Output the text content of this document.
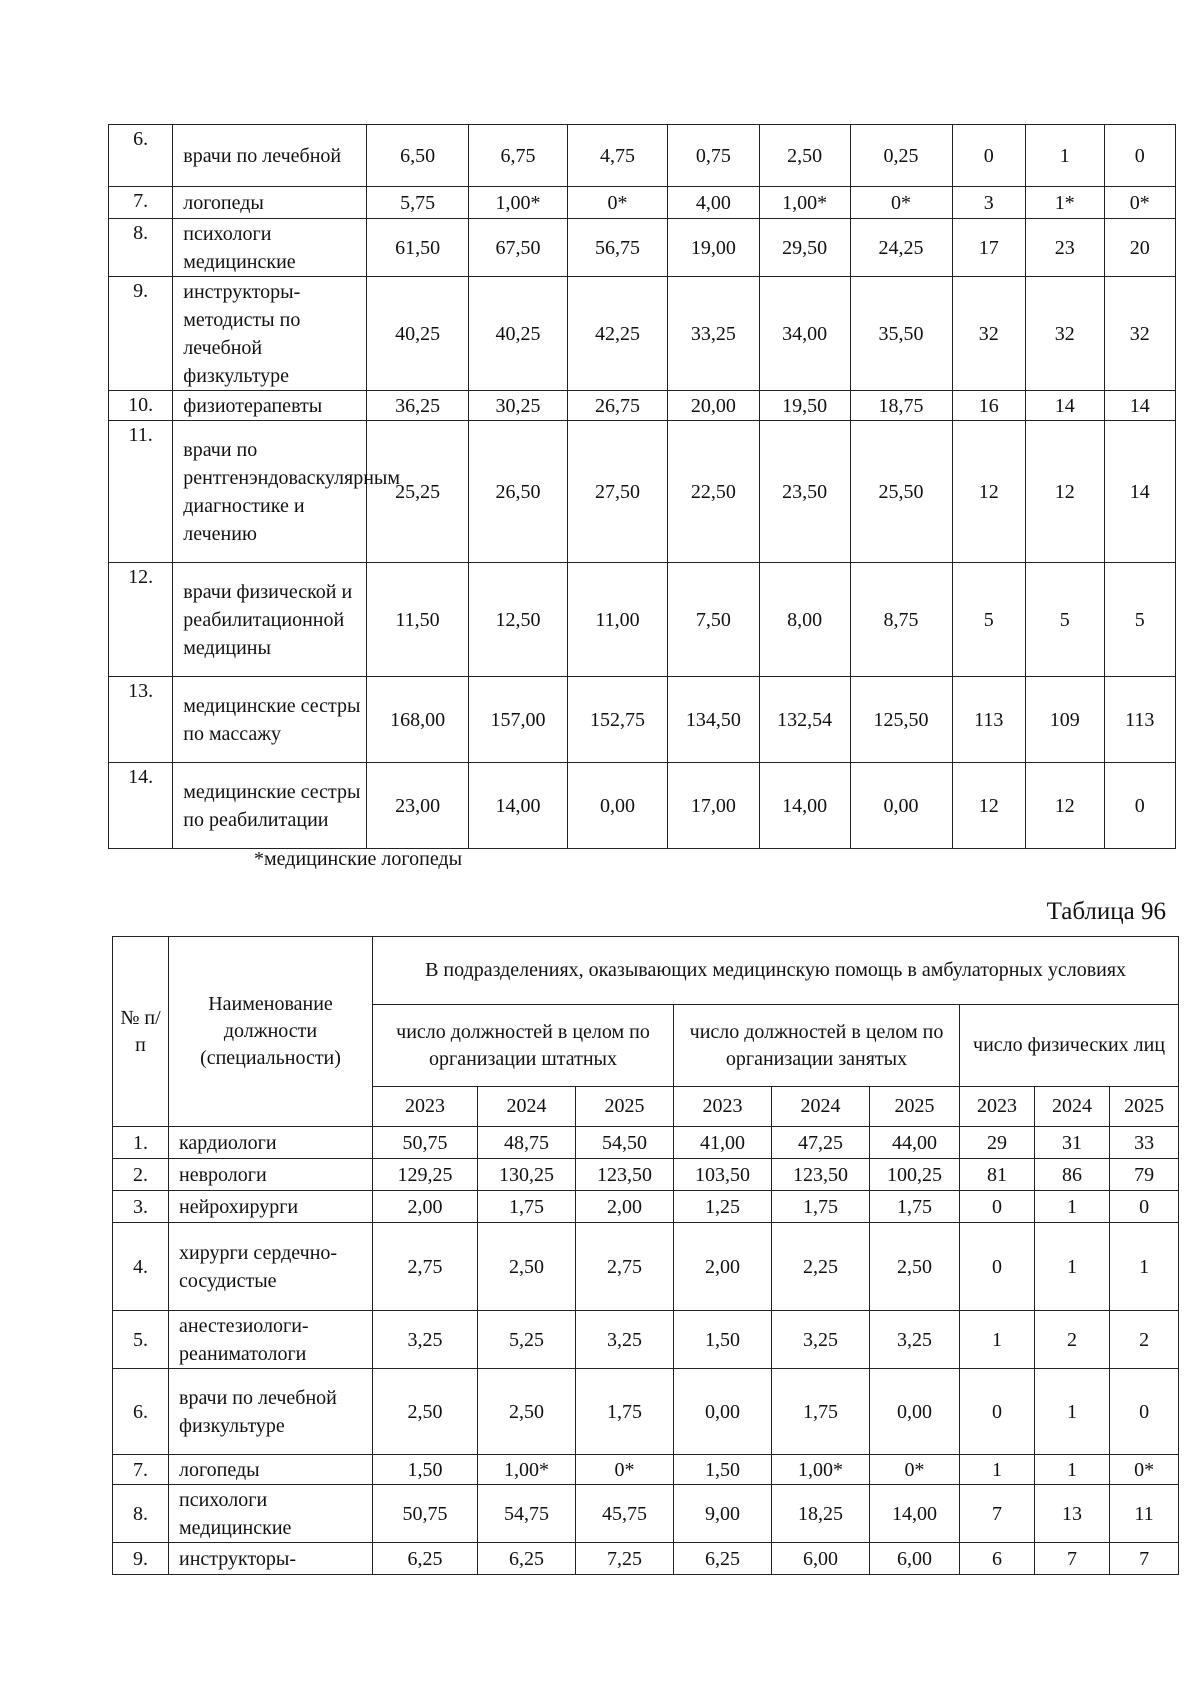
6.	врачи по лечебной	6,50	6,75	4,75	0,75	2,50	0,25	0	1	0
7.	логопеды	5,75	1,00*	0*	4,00	1,00*	0*	3	1*	0*
8.	психологи медицинские	61,50	67,50	56,75	19,00	29,50	24,25	17	23	20
9.	инструкторы-методисты по лечебной физкультуре	40,25	40,25	42,25	33,25	34,00	35,50	32	32	32
10.	физиотерапевты	36,25	30,25	26,75	20,00	19,50	18,75	16	14	14
11.	врачи по рентгенэндоваскулярным диагностике и лечению	25,25	26,50	27,50	22,50	23,50	25,50	12	12	14
12.	врачи физической и реабилитационной медицины	11,50	12,50	11,00	7,50	8,00	8,75	5	5	5
13.	медицинские сестры по массажу	168,00	157,00	152,75	134,50	132,54	125,50	113	109	113
14.	медицинские сестры по реабилитации	23,00	14,00	0,00	17,00	14,00	0,00	12	12	0
*медицинские логопеды
Таблица 96
№ п/п	Наименование должности (специальности)	В подразделениях, оказывающих медицинскую помощь в амбулаторных условиях								
		число должностей в целом по организации штатных			число должностей в целом по организации занятых			число физических лиц		
		2023	2024	2025	2023	2024	2025	2023	2024	2025
1.	кардиологи	50,75	48,75	54,50	41,00	47,25	44,00	29	31	33
2.	неврологи	129,25	130,25	123,50	103,50	123,50	100,25	81	86	79
3.	нейрохирурги	2,00	1,75	2,00	1,25	1,75	1,75	0	1	0
4.	хирурги сердечно-сосудистые	2,75	2,50	2,75	2,00	2,25	2,50	0	1	1
5.	анестезиологи-реаниматологи	3,25	5,25	3,25	1,50	3,25	3,25	1	2	2
6.	врачи по лечебной физкультуре	2,50	2,50	1,75	0,00	1,75	0,00	0	1	0
7.	логопеды	1,50	1,00*	0*	1,50	1,00*	0*	1	1	0*
8.	психологи медицинские	50,75	54,75	45,75	9,00	18,25	14,00	7	13	11
9.	инструкторы-	6,25	6,25	7,25	6,25	6,00	6,00	6	7	7
